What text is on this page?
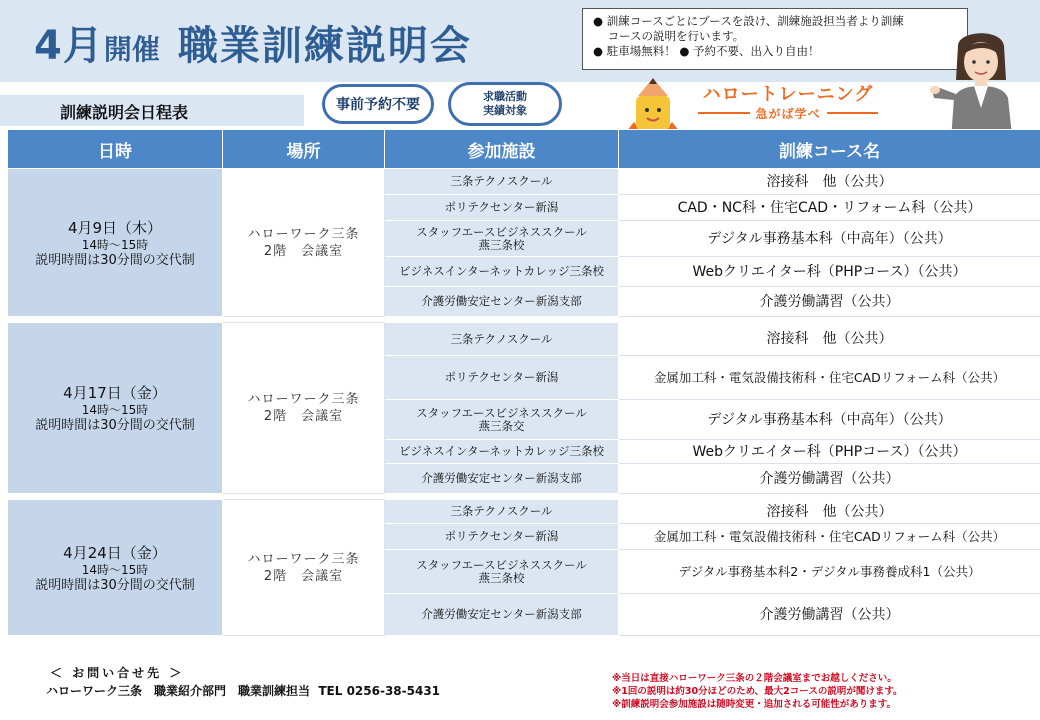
4月 開催 職業訓練説明会

● 訓練コースごとにブースを設け、訓練施設担当者より訓練

コースの説明を行います。

● 駐車場無料！ ● 予約不要、出入り自由！

訓練説明会日程表	事前予約不要
求職活動
実績対象
ハロートレーニング
急がば学べ
日時	場所	参加施設	訓練コース名

4月9日（木）
14時～15時
説明時間は30分間の交代制	ハローワーク三条
2階　会議室	三条テクノスクール	溶接科　他（公共）
		ポリテクセンター新潟	CAD・NC科・住宅CAD・リフォーム科（公共）
		スタッフエースビジネススクール
燕三条校	デジタル事務基本科（中高年）（公共）
		ビジネスインターネットカレッジ三条校	Webクリエイター科（PHPコース）（公共）
		介護労働安定センター新潟支部	介護労働講習（公共）

4月17日（金）
14時～15時
説明時間は30分間の交代制	ハローワーク三条
2階　会議室	三条テクノスクール	溶接科　他（公共）
		ポリテクセンター新潟	金属加工科・電気設備技術科・住宅CADリフォーム科（公共）
		スタッフエースビジネススクール
燕三条交	デジタル事務基本科（中高年）（公共）
		ビジネスインターネットカレッジ三条校	Webクリエイター科（PHPコース）（公共）
		介護労働安定センター新潟支部	介護労働講習（公共）

4月24日（金）
14時～15時
説明時間は30分間の交代制	ハローワーク三条
2階　会議室	三条テクノスクール	溶接科　他（公共）
		ポリテクセンター新潟	金属加工科・電気設備技術科・住宅CADリフォーム科（公共）
		スタッフエースビジネススクール
燕三条校	デジタル事務基本科2・デジタル事務養成科1（公共）
		介護労働安定センター新潟支部	介護労働講習（公共）
＜ お問い合せ先 ＞
ハローワーク三条　職業紹介部門　職業訓練担当  TEL 0256-38-5431

※当日は直接ハローワーク三条の２階会議室までお越しください。

※1回の説明は約30分ほどのため、最大2コースの説明が聞けます。

※訓練説明会参加施設は随時変更・追加される可能性があります。
